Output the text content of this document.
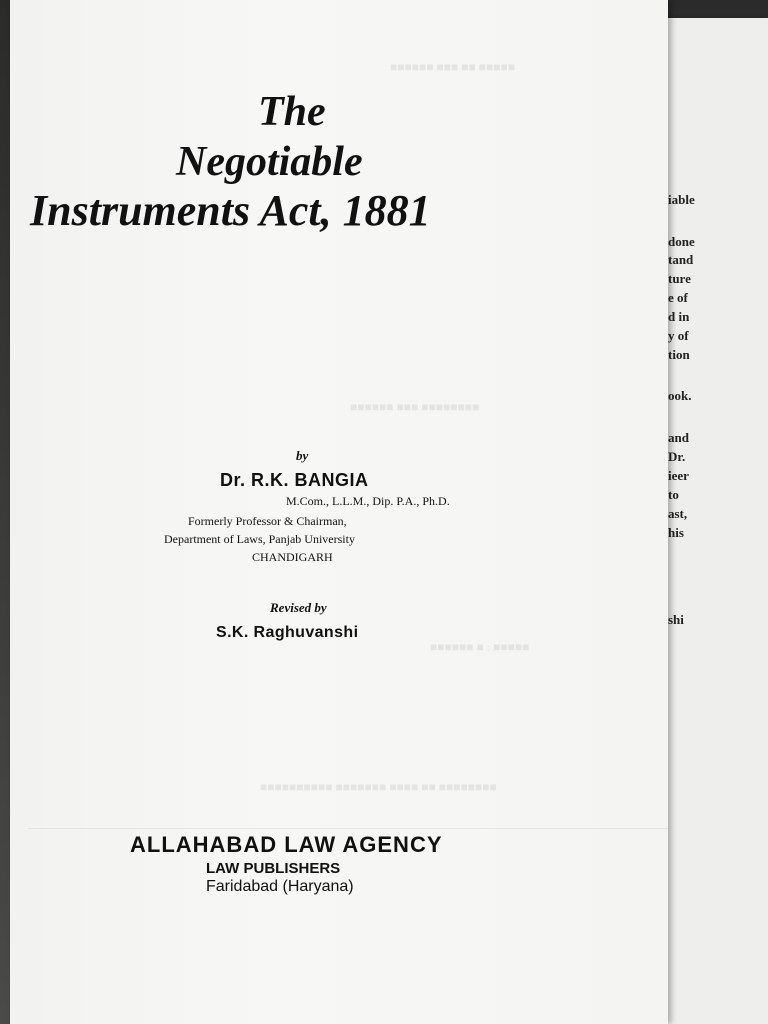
iable
done
tand
ture
e of
d in
y of
tion
ook.
and
Dr.
ieer
to
ast,
his
shi
■■■■■ ■■ ■■■ ■■■■■■
■■■■■■■■ ■■■ ■■■■■■
■■■■■ : ■ ■■■■■■
■■■■■■■■ ■■ ■■■■ ■■■■■■■ ■■■■■■■■■■
The
Negotiable
Instruments Act, 1881
by
Dr. R.K. BANGIA
M.Com., L.L.M., Dip. P.A., Ph.D.
Formerly Professor & Chairman,
Department of Laws, Panjab University
CHANDIGARH
Revised by
S.K. Raghuvanshi
ALLAHABAD LAW AGENCY
LAW PUBLISHERS
Faridabad (Haryana)
